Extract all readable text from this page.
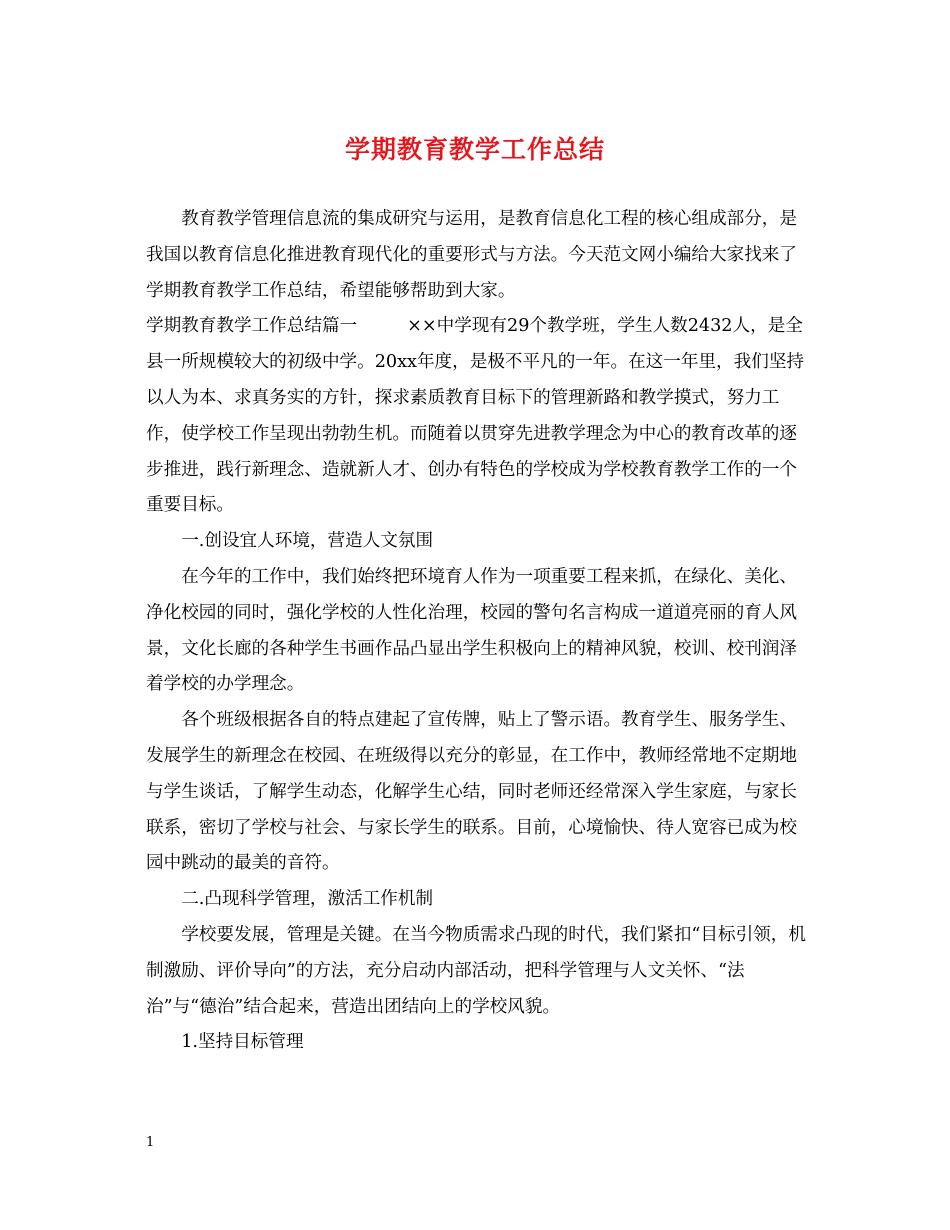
学期教育教学工作总结

教育教学管理信息流的集成研究与运用，是教育信息化工程的核心组成部分，是我国以教育信息化推进教育现代化的重要形式与方法。今天范文网小编给大家找来了学期教育教学工作总结，希望能够帮助到大家。

学期教育教学工作总结篇一	××中学现有29个教学班，学生人数2432人，是全县一所规模较大的初级中学。20xx年度，是极不平凡的一年。在这一年里，我们坚持以人为本、求真务实的方针，探求素质教育目标下的管理新路和教学摸式，努力工作，使学校工作呈现出勃勃生机。而随着以贯穿先进教学理念为中心的教育改革的逐步推进，践行新理念、造就新人才、创办有特色的学校成为学校教育教学工作的一个重要目标。

一.创设宜人环境，营造人文氛围

在今年的工作中，我们始终把环境育人作为一项重要工程来抓，在绿化、美化、净化校园的同时，强化学校的人性化治理，校园的警句名言构成一道道亮丽的育人风景，文化长廊的各种学生书画作品凸显出学生积极向上的精神风貌，校训、校刊润泽着学校的办学理念。

各个班级根据各自的特点建起了宣传牌，贴上了警示语。教育学生、服务学生、发展学生的新理念在校园、在班级得以充分的彰显，在工作中，教师经常地不定期地与学生谈话，了解学生动态，化解学生心结，同时老师还经常深入学生家庭，与家长联系，密切了学校与社会、与家长学生的联系。目前，心境愉快、待人宽容已成为校园中跳动的最美的音符。

二.凸现科学管理，激活工作机制

学校要发展，管理是关键。在当今物质需求凸现的时代，我们紧扣“目标引领，机制激励、评价导向”的方法，充分启动内部活动，把科学管理与人文关怀、“法治”与“德治”结合起来，营造出团结向上的学校风貌。

1.坚持目标管理

1
